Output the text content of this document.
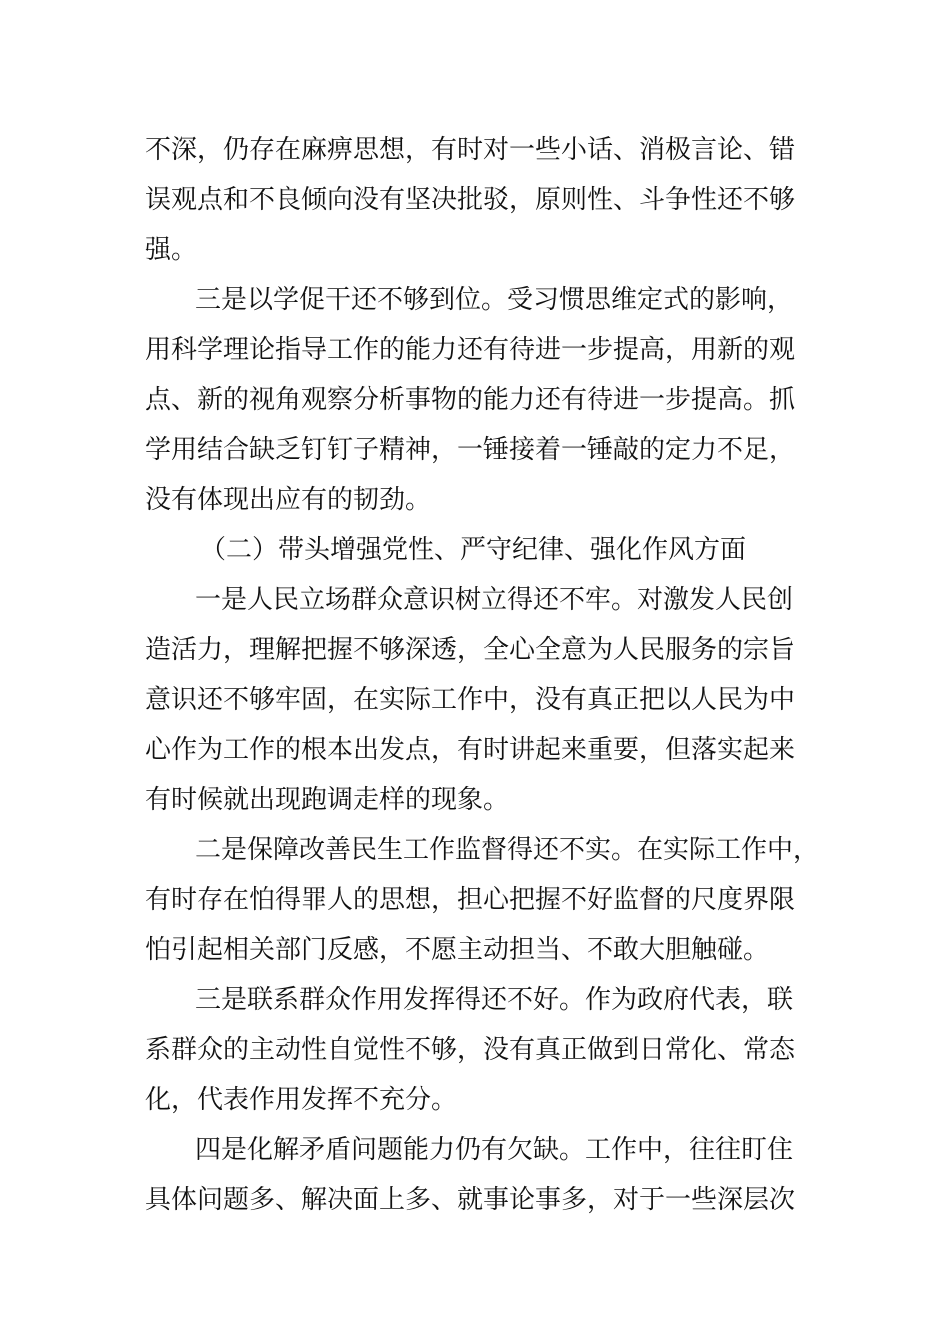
不深，仍存在麻痹思想，有时对一些小话、消极言论、错
误观点和不良倾向没有坚决批驳，原则性、斗争性还不够
强。
三是以学促干还不够到位。受习惯思维定式的影响，
用科学理论指导工作的能力还有待进一步提高，用新的观
点、新的视角观察分析事物的能力还有待进一步提高。抓
学用结合缺乏钉钉子精神，一锤接着一锤敲的定力不足，
没有体现出应有的韧劲。
（二）带头增强党性、严守纪律、强化作风方面
一是人民立场群众意识树立得还不牢。对激发人民创
造活力，理解把握不够深透，全心全意为人民服务的宗旨
意识还不够牢固，在实际工作中，没有真正把以人民为中
心作为工作的根本出发点，有时讲起来重要，但落实起来
有时候就出现跑调走样的现象。
二是保障改善民生工作监督得还不实。在实际工作中，
有时存在怕得罪人的思想，担心把握不好监督的尺度界限
怕引起相关部门反感，不愿主动担当、不敢大胆触碰。
三是联系群众作用发挥得还不好。作为政府代表，联
系群众的主动性自觉性不够，没有真正做到日常化、常态
化，代表作用发挥不充分。
四是化解矛盾问题能力仍有欠缺。工作中，往往盯住
具体问题多、解决面上多、就事论事多，对于一些深层次
